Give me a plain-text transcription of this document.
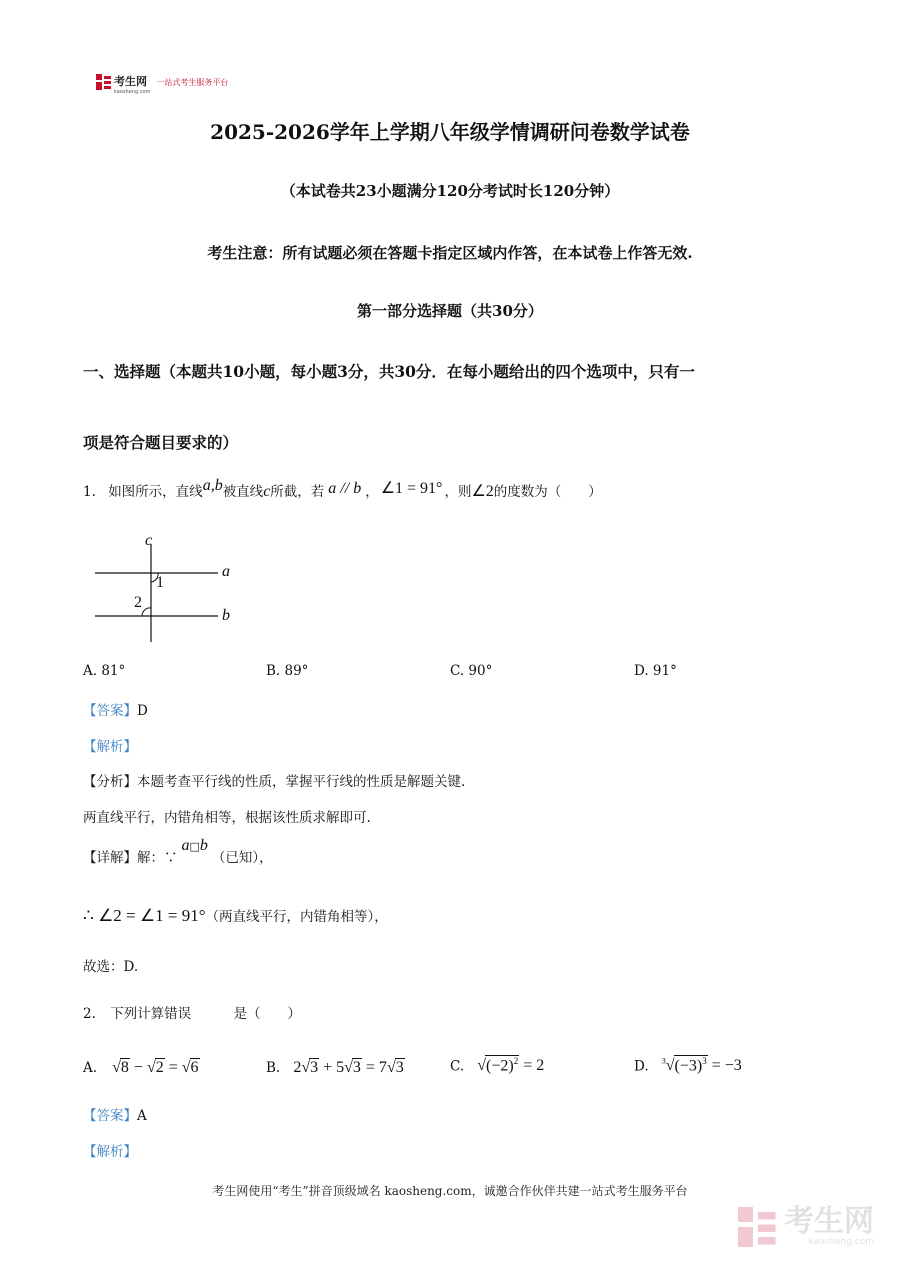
考生网
kaosheng.com
一站式考生服务平台
2025-2026学年上学期八年级学情调研问卷数学试卷
（本试卷共23小题满分120分考试时长120分钟）
考生注意：所有试题必须在答题卡指定区域内作答，在本试卷上作答无效.
第一部分选择题（共30分）
一、选择题（本题共10小题，每小题3分，共30分．在每小题给出的四个选项中，只有一
项是符合题目要求的）
1. 如图所示，直线a,b被直线c所截，若 a // b ， ∠1 = 91° ，则∠2的度数为（　　）
c
a
b
1
2
A. 81°	B. 89°	C. 90°	D. 91°
【答案】D
【解析】
【分析】本题考查平行线的性质，掌握平行线的性质是解题关键.
两直线平行，内错角相等，根据该性质求解即可.
【详解】解：∵a□b（已知），
∴ ∠2 = ∠1 = 91°（两直线平行，内错角相等），
故选：D.
2. 下列计算错误	是（　　）
A. √8 − √2 = √6	B. 2√3 + 5√3 = 7√3	C. $√(-2)^2 = 2$	D. $^3√(-3)^3 = -3$
【答案】A
【解析】
考生网使用“考生”拼音顶级域名 kaosheng.com，诚邀合作伙伴共建一站式考生服务平台
考生网
kaosheng.com
